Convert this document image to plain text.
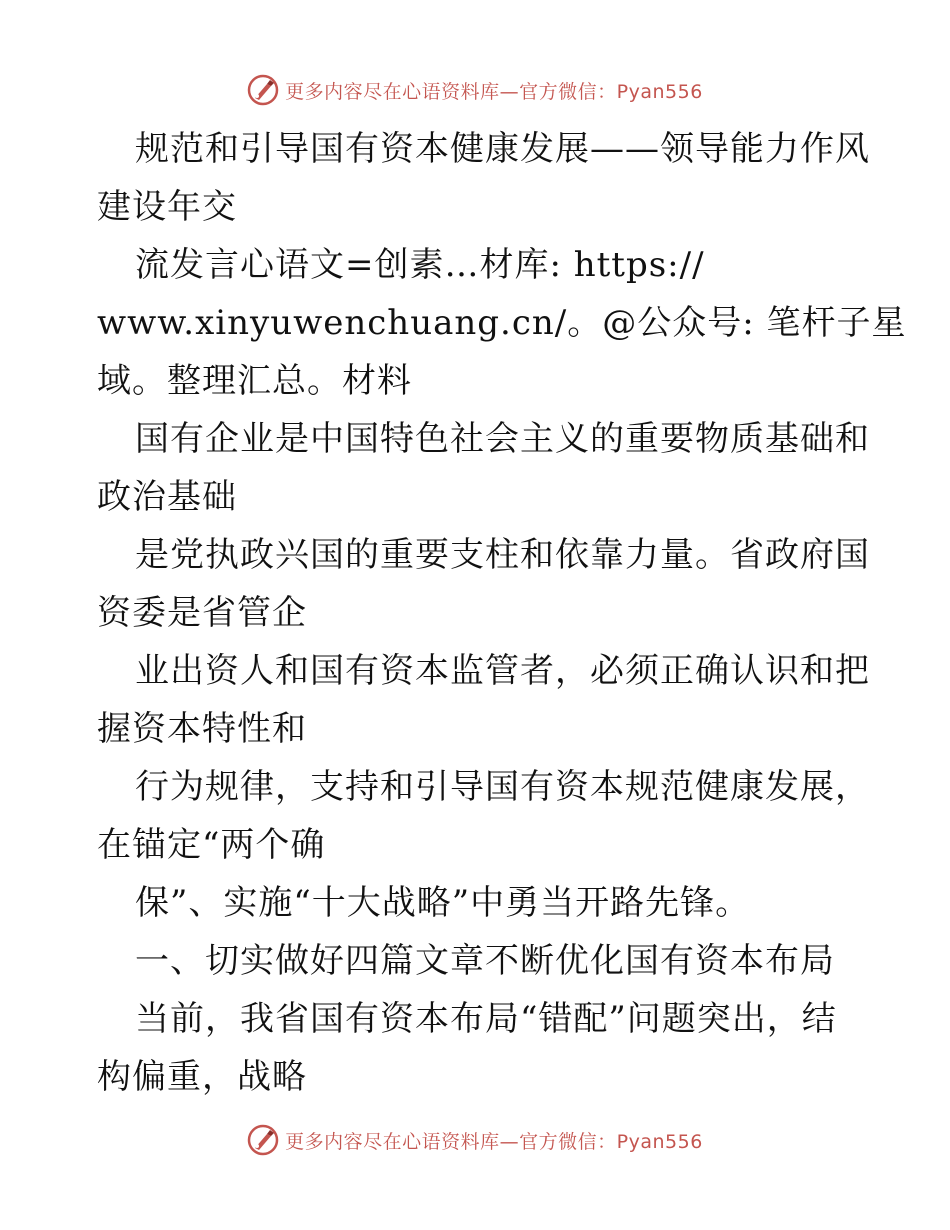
更多内容尽在心语资料库—官方微信：Pyan556
规范和引导国有资本健康发展——领导能力作风
建设年交
流发言心语文=创素…材库: https://
www.xinyuwenchuang.cn/。@公众号: 笔杆子星
域。整理汇总。材料
国有企业是中国特色社会主义的重要物质基础和
政治基础
是党执政兴国的重要支柱和依靠力量。省政府国
资委是省管企
业出资人和国有资本监管者，必须正确认识和把
握资本特性和
行为规律，支持和引导国有资本规范健康发展，
在锚定“两个确
保”、实施“十大战略”中勇当开路先锋。
一、切实做好四篇文章不断优化国有资本布局
当前，我省国有资本布局“错配”问题突出，结
构偏重，战略
更多内容尽在心语资料库—官方微信：Pyan556
